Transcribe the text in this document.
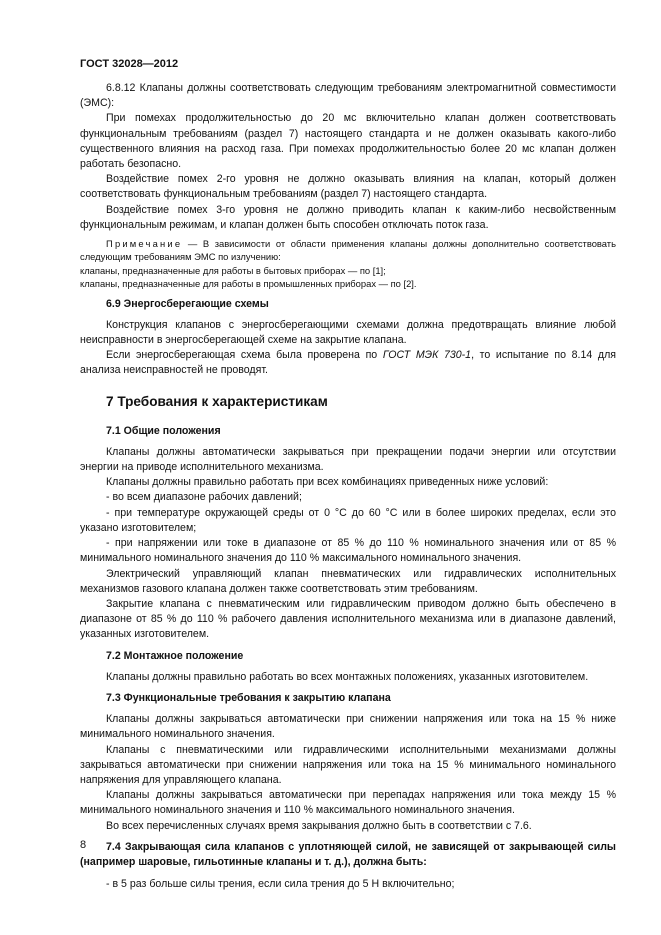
ГОСТ 32028—2012

6.8.12 Клапаны должны соответствовать следующим требованиям электромагнитной совместимости (ЭМС):

При помехах продолжительностью до 20 мс включительно клапан должен соответствовать функциональным требованиям (раздел 7) настоящего стандарта и не должен оказывать какого-либо существенного влияния на расход газа. При помехах продолжительностью более 20 мс клапан должен работать безопасно.

Воздействие помех 2-го уровня не должно оказывать влияния на клапан, который должен соответствовать функциональным требованиям (раздел 7) настоящего стандарта.

Воздействие помех 3-го уровня не должно приводить клапан к каким-либо несвойственным функциональным режимам, и клапан должен быть способен отключать поток газа.

Примечание — В зависимости от области применения клапаны должны дополнительно соответствовать следующим требованиям ЭМС по излучению:

клапаны, предназначенные для работы в бытовых приборах — по [1];

клапаны, предназначенные для работы в промышленных приборах — по [2].

6.9 Энергосберегающие схемы

Конструкция клапанов с энергосберегающими схемами должна предотвращать влияние любой неисправности в энергосберегающей схеме на закрытие клапана.

Если энергосберегающая схема была проверена по ГОСТ МЭК 730-1, то испытание по 8.14 для анализа неисправностей не проводят.

7 Требования к характеристикам

7.1 Общие положения

Клапаны должны автоматически закрываться при прекращении подачи энергии или отсутствии энергии на приводе исполнительного механизма.

Клапаны должны правильно работать при всех комбинациях приведенных ниже условий:

- во всем диапазоне рабочих давлений;

- при температуре окружающей среды от 0 °С до 60 °С или в более широких пределах, если это указано изготовителем;

- при напряжении или токе в диапазоне от 85 % до 110 % номинального значения или от 85 % минимального номинального значения до 110 % максимального номинального значения.

Электрический управляющий клапан пневматических или гидравлических исполнительных механизмов газового клапана должен также соответствовать этим требованиям.

Закрытие клапана с пневматическим или гидравлическим приводом должно быть обеспечено в диапазоне от 85 % до 110 % рабочего давления исполнительного механизма или в диапазоне давлений, указанных изготовителем.

7.2 Монтажное положение

Клапаны должны правильно работать во всех монтажных положениях, указанных изготовителем.

7.3 Функциональные требования к закрытию клапана

Клапаны должны закрываться автоматически при снижении напряжения или тока на 15 % ниже минимального номинального значения.

Клапаны с пневматическими или гидравлическими исполнительными механизмами должны закрываться автоматически при снижении напряжения или тока на 15 % минимального номинального напряжения для управляющего клапана.

Клапаны должны закрываться автоматически при перепадах напряжения или тока между 15 % минимального номинального значения и 110 % максимального номинального значения.

Во всех перечисленных случаях время закрывания должно быть в соответствии с 7.6.

7.4 Закрывающая сила клапанов с уплотняющей силой, не зависящей от закрывающей силы (например шаровые, гильотинные клапаны и т. д.), должна быть:

- в 5 раз больше силы трения, если сила трения до 5 Н включительно;

8
